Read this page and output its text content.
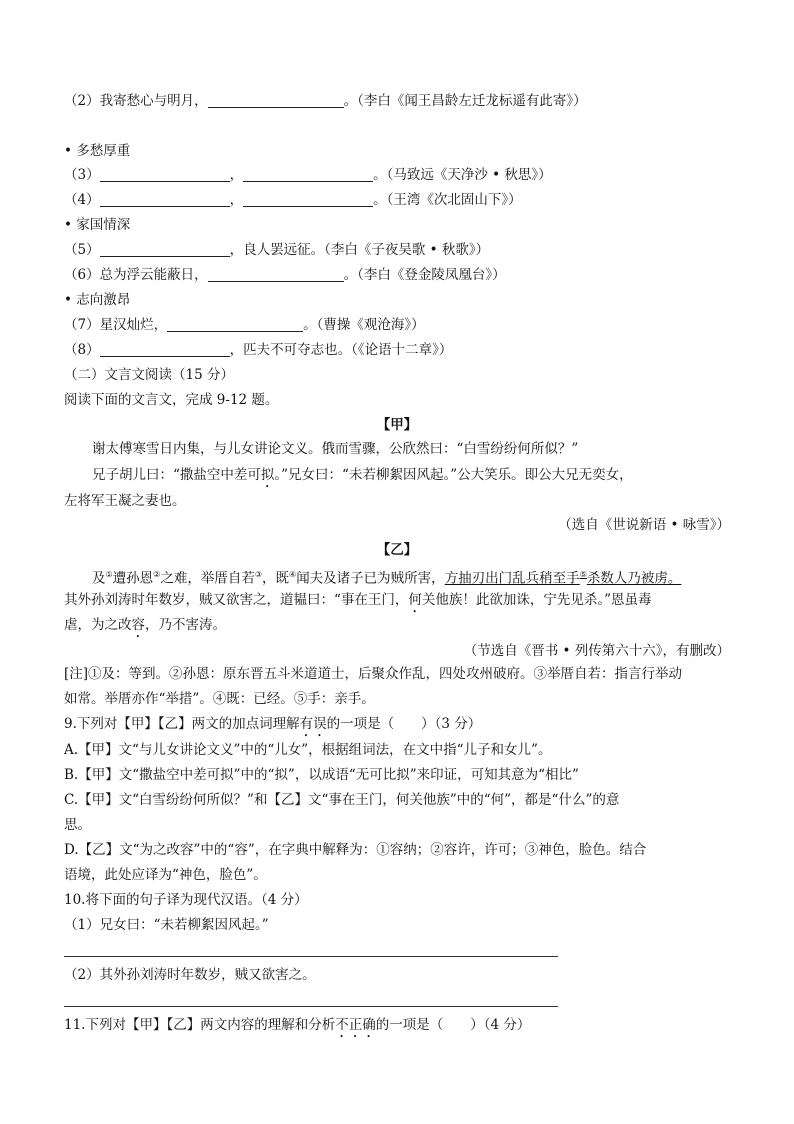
（2）我寄愁心与明月，	。（李白《闻王昌龄左迁龙标遥有此寄》）
• 多愁厚重
（3）	，	。（马致远《天净沙 • 秋思》）
（4）	，	。（王湾《次北固山下》）
• 家国情深
（5）	，良人罢远征。（李白《子夜吴歌 • 秋歌》）
（6）总为浮云能蔽日，	。（李白《登金陵凤凰台》）
• 志向激昂
（7）星汉灿烂，	。（曹操《观沧海》）
（8）	，匹夫不可夺志也。（《论语十二章》）
（二）文言文阅读（15 分）
阅读下面的文言文，完成 9-12 题。
【甲】
谢太傅寒雪日内集，与儿女讲论文义。俄而雪骤，公欣然曰：“白雪纷纷何所似？”
兄子胡儿曰：“撒盐空中差可拟。”兄女曰：“未若柳絮因风起。”公大笑乐。即公大兄无奕女，
左将军王凝之妻也。
（选自《世说新语 • 咏雪》）
【乙】
及①遭孙恩②之难，举厝自若③，既④闻夫及诸子已为贼所害，方抽刃出门乱兵稍至手⑤杀数人乃被虏。
其外孙刘涛时年数岁，贼又欲害之，道韫曰：“事在王门，何关他族！此欲加诛，宁先见杀。”恩虽毒
虐，为之改容，乃不害涛。
（节选自《晋书 • 列传第六十六》，有删改）
[注]①及：等到。②孙恩：原东晋五斗米道道士，后聚众作乱，四处攻州破府。③举厝自若：指言行举动
如常。举厝亦作“举措”。④既：已经。⑤手：亲手。
9.下列对【甲】【乙】两文的加点词理解有误的一项是（　　）（3 分）
A.【甲】文“与儿女讲论文义”中的“儿女”，根据组词法，在文中指“儿子和女儿”。
B.【甲】文“撒盐空中差可拟”中的“拟”，以成语“无可比拟”来印证，可知其意为“相比”
C.【甲】文“白雪纷纷何所似？”和【乙】文“事在王门，何关他族”中的“何”，都是“什么”的意
思。
D.【乙】文“为之改容”中的“容”，在字典中解释为：①容纳；②容许，许可；③神色，脸色。结合
语境，此处应译为“神色，脸色”。
10.将下面的句子译为现代汉语。（4 分）
（1）兄女曰：“未若柳絮因风起。”
（2）其外孙刘涛时年数岁，贼又欲害之。
11.下列对【甲】【乙】两文内容的理解和分析不正确的一项是（　　）（4 分）
